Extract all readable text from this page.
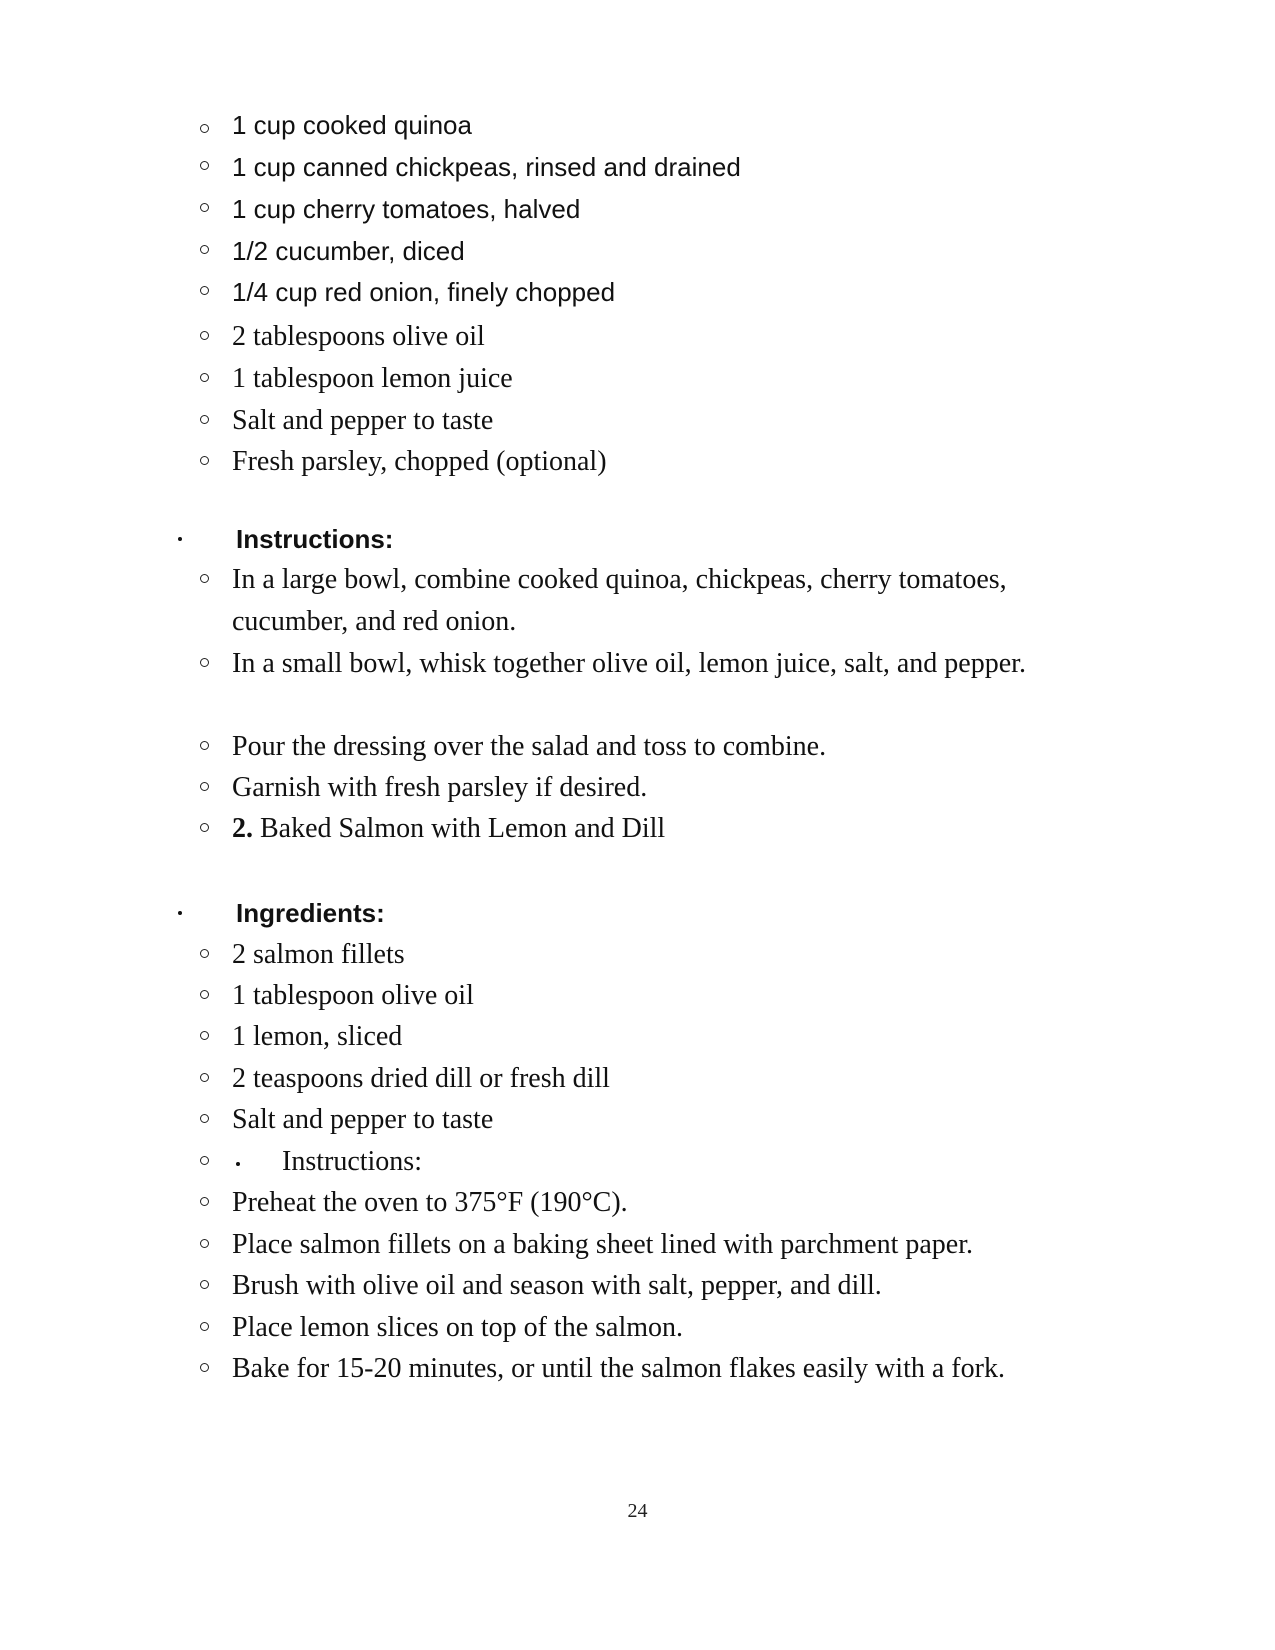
1 cup cooked quinoa
1 cup canned chickpeas, rinsed and drained
1 cup cherry tomatoes, halved
1/2 cucumber, diced
1/4 cup red onion, finely chopped
2 tablespoons olive oil
1 tablespoon lemon juice
Salt and pepper to taste
Fresh parsley, chopped (optional)
Instructions:
In a large bowl, combine cooked quinoa, chickpeas, cherry tomatoes, cucumber, and red onion.
In a small bowl, whisk together olive oil, lemon juice, salt, and pepper.
Pour the dressing over the salad and toss to combine.
Garnish with fresh parsley if desired.
2. Baked Salmon with Lemon and Dill
Ingredients:
2 salmon fillets
1 tablespoon olive oil
1 lemon, sliced
2 teaspoons dried dill or fresh dill
Salt and pepper to taste
Instructions:
Preheat the oven to 375°F (190°C).
Place salmon fillets on a baking sheet lined with parchment paper.
Brush with olive oil and season with salt, pepper, and dill.
Place lemon slices on top of the salmon.
Bake for 15-20 minutes, or until the salmon flakes easily with a fork.
24
